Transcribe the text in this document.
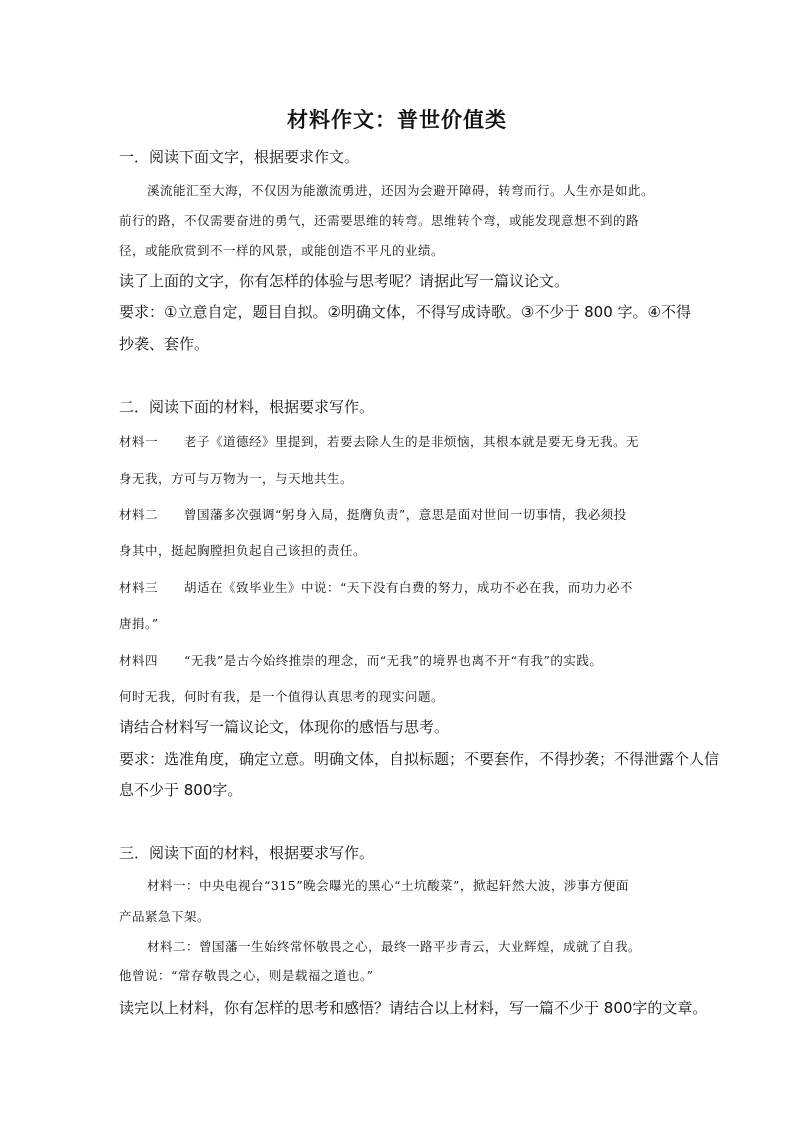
材料作文：普世价值类
一．阅读下面文字，根据要求作文。
溪流能汇至大海，不仅因为能激流勇进，还因为会避开障碍，转弯而行。人生亦是如此。
前行的路，不仅需要奋进的勇气，还需要思维的转弯。思维转个弯，或能发现意想不到的路
径，或能欣赏到不一样的风景，或能创造不平凡的业绩。
读了上面的文字，你有怎样的体验与思考呢？请据此写一篇议论文。
要求：①立意自定，题目自拟。②明确文体，不得写成诗歌。③不少于 800 字。④不得
抄袭、套作。
二．阅读下面的材料，根据要求写作。
材料一　　老子《道德经》里提到，若要去除人生的是非烦恼，其根本就是要无身无我。无
身无我，方可与万物为一，与天地共生。
材料二　　曾国藩多次强调“躬身入局，挺膺负责”，意思是面对世间一切事情，我必须投
身其中，挺起胸膛担负起自己该担的责任。
材料三　　胡适在《致毕业生》中说：“天下没有白费的努力，成功不必在我，而功力必不
唐捐。”
材料四　　“无我”是古今始终推崇的理念，而“无我”的境界也离不开“有我”的实践。
何时无我，何时有我，是一个值得认真思考的现实问题。
请结合材料写一篇议论文，体现你的感悟与思考。
要求：选准角度，确定立意。明确文体，自拟标题；不要套作，不得抄袭；不得泄露个人信
息不少于 800字。
三．阅读下面的材料，根据要求写作。
材料一：中央电视台“315”晚会曝光的黑心“土坑酸菜”，掀起轩然大波，涉事方便面
产品紧急下架。
材料二：曾国藩一生始终常怀敬畏之心，最终一路平步青云，大业辉煌，成就了自我。
他曾说：“常存敬畏之心，则是载福之道也。”
读完以上材料，你有怎样的思考和感悟？请结合以上材料，写一篇不少于 800字的文章。
